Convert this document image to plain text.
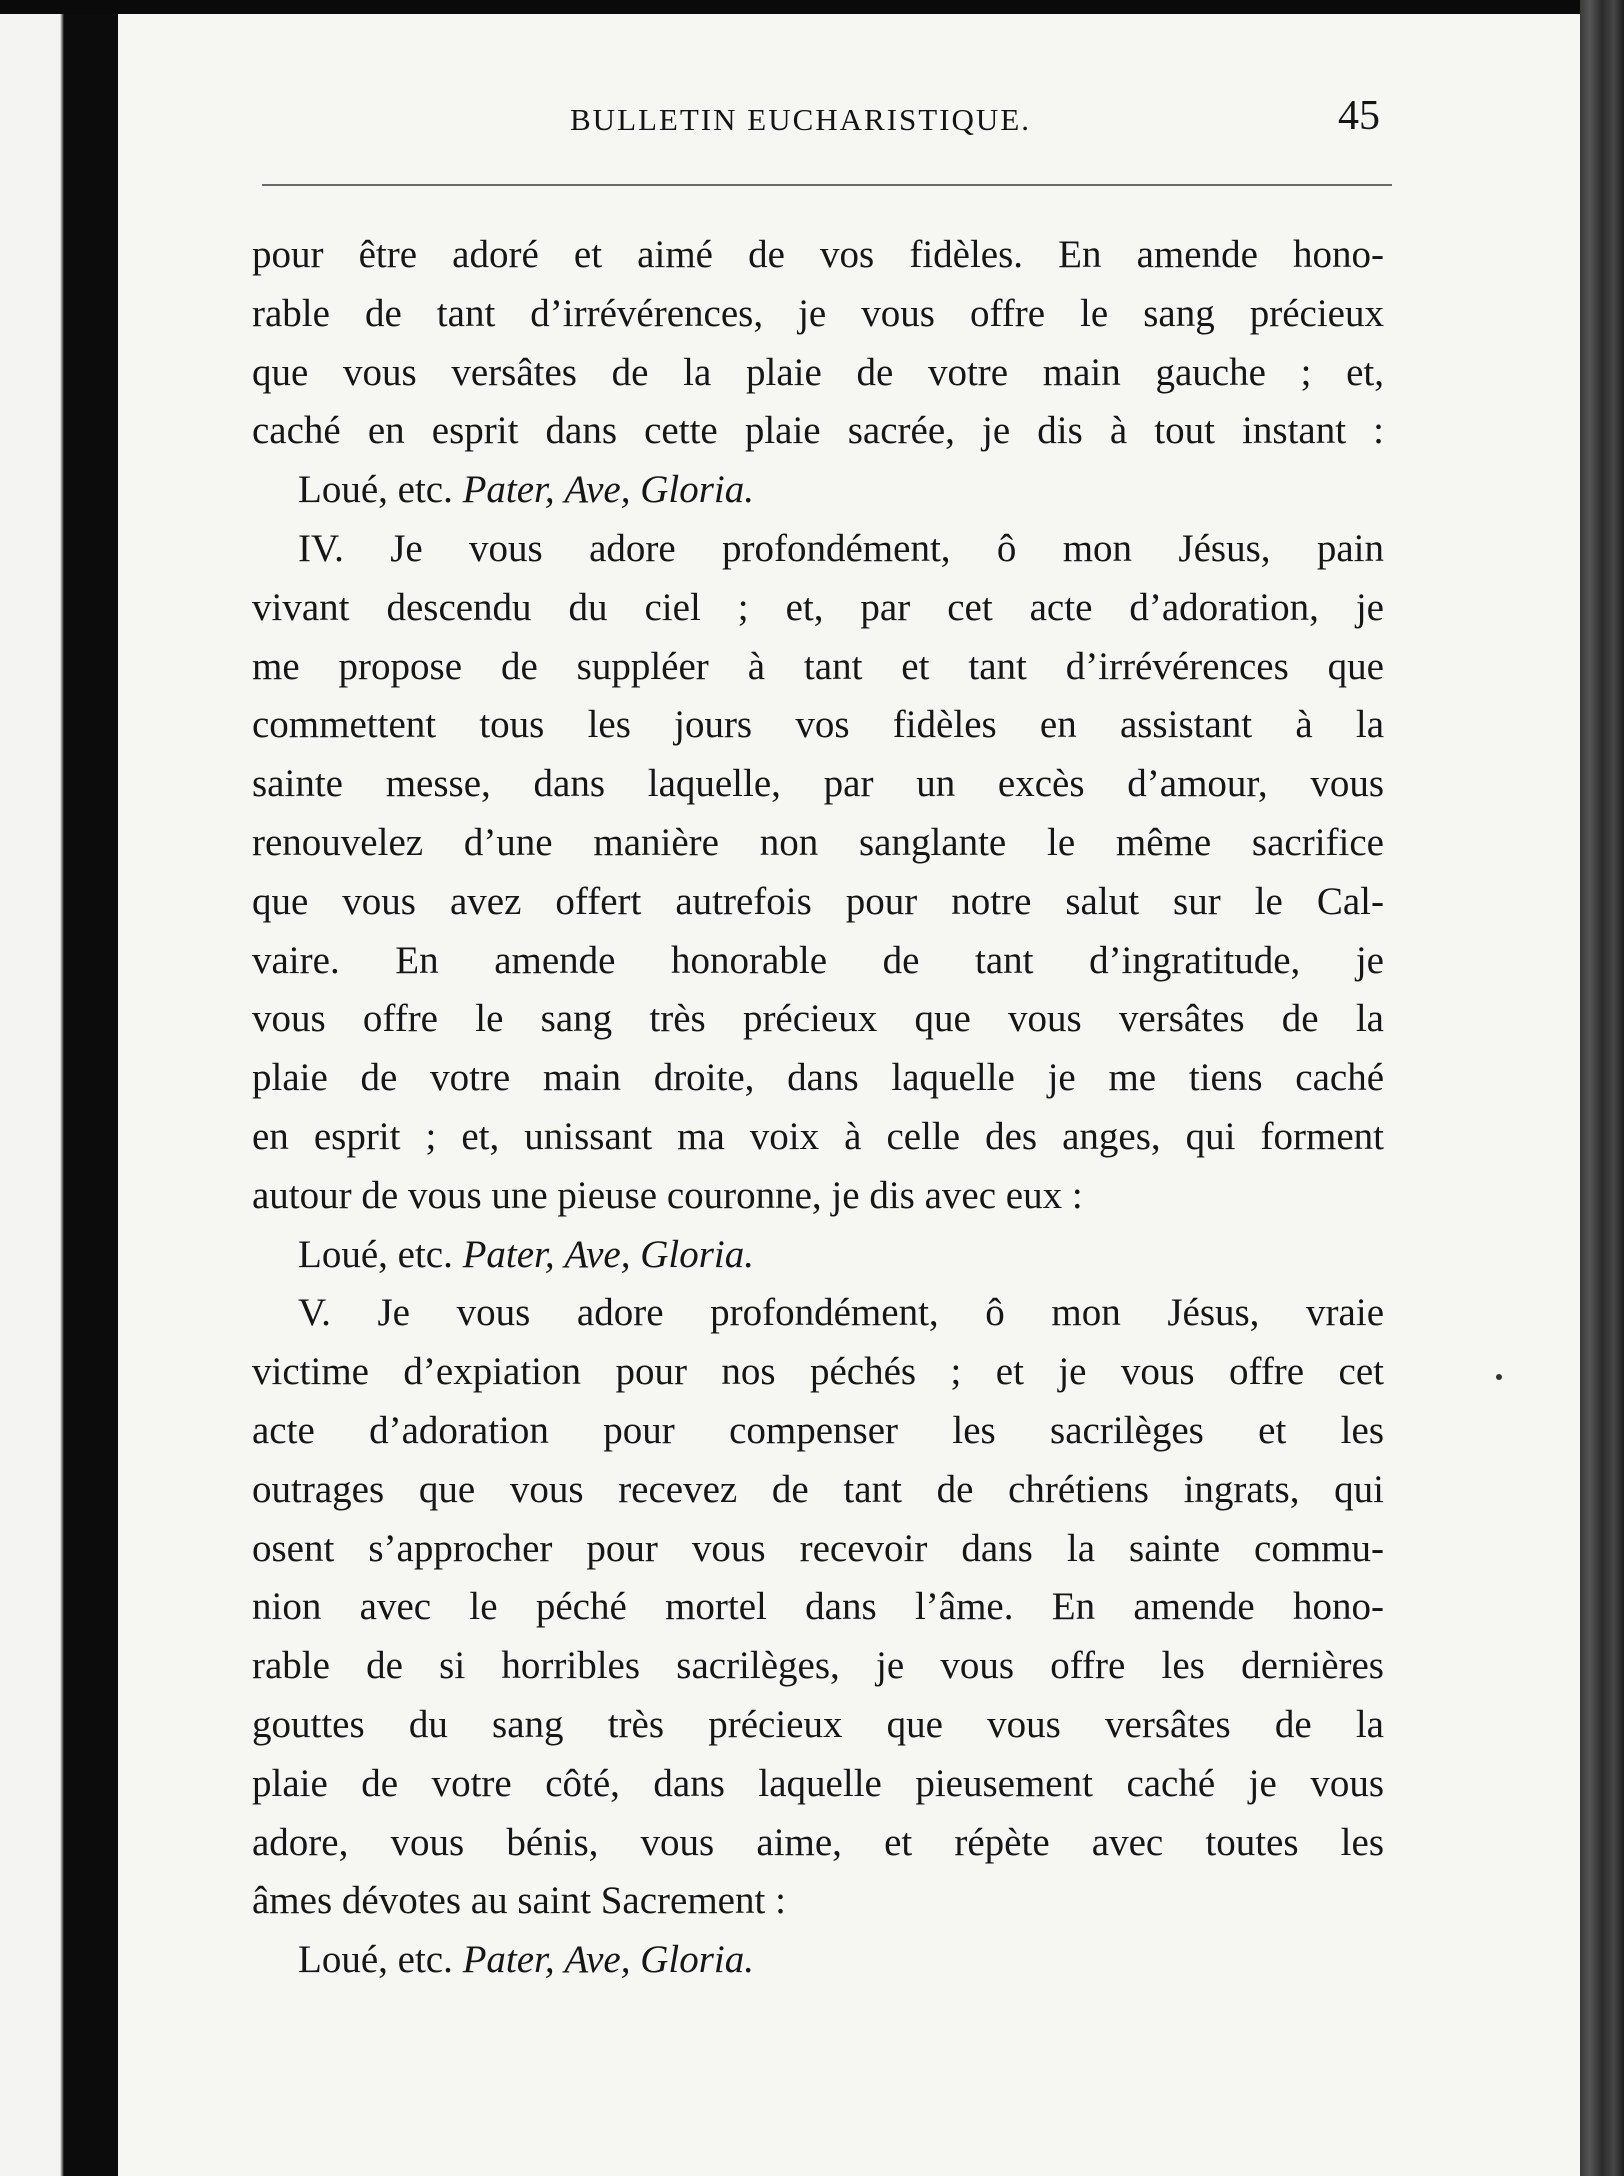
BULLETIN EUCHARISTIQUE.	45
pour être adoré et aimé de vos fidèles. En amende hono-
rable de tant d’irrévérences, je vous offre le sang précieux
que vous versâtes de la plaie de votre main gauche ; et,
caché en esprit dans cette plaie sacrée, je dis à tout instant :
Loué, etc. Pater, Ave, Gloria.
IV. Je vous adore profondément, ô mon Jésus, pain
vivant descendu du ciel ; et, par cet acte d’adoration, je
me propose de suppléer à tant et tant d’irrévérences que
commettent tous les jours vos fidèles en assistant à la
sainte messe, dans laquelle, par un excès d’amour, vous
renouvelez d’une manière non sanglante le même sacrifice
que vous avez offert autrefois pour notre salut sur le Cal-
vaire. En amende honorable de tant d’ingratitude, je
vous offre le sang très précieux que vous versâtes de la
plaie de votre main droite, dans laquelle je me tiens caché
en esprit ; et, unissant ma voix à celle des anges, qui forment
autour de vous une pieuse couronne, je dis avec eux :
Loué, etc. Pater, Ave, Gloria.
V. Je vous adore profondément, ô mon Jésus, vraie
victime d’expiation pour nos péchés ; et je vous offre cet
acte d’adoration pour compenser les sacrilèges et les
outrages que vous recevez de tant de chrétiens ingrats, qui
osent s’approcher pour vous recevoir dans la sainte commu-
nion avec le péché mortel dans l’âme. En amende hono-
rable de si horribles sacrilèges, je vous offre les dernières
gouttes du sang très précieux que vous versâtes de la
plaie de votre côté, dans laquelle pieusement caché je vous
adore, vous bénis, vous aime, et répète avec toutes les
âmes dévotes au saint Sacrement :
Loué, etc. Pater, Ave, Gloria.
